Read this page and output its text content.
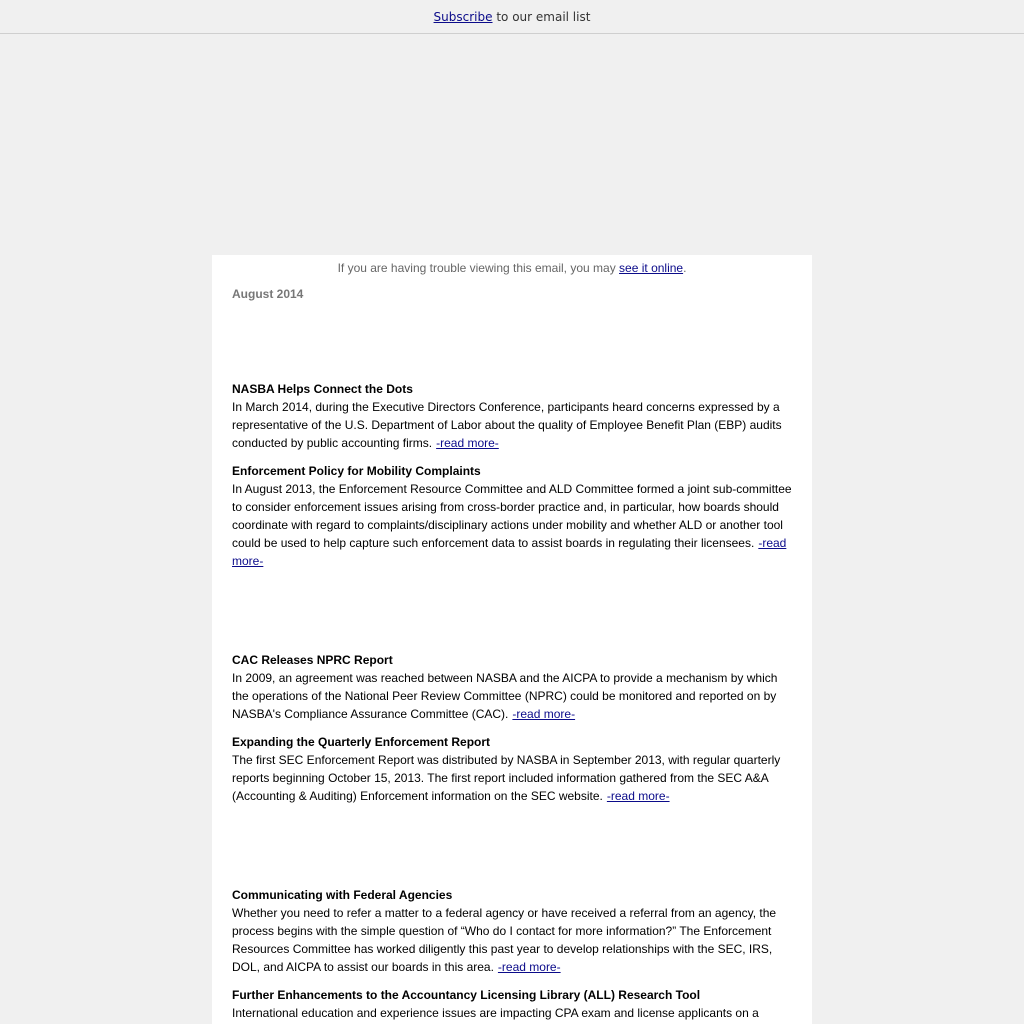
Subscribe to our email list
If you are having trouble viewing this email, you may see it online.
August 2014
NASBA Helps Connect the Dots

In March 2014, during the Executive Directors Conference, participants heard concerns expressed by a representative of the U.S. Department of Labor about the quality of Employee Benefit Plan (EBP) audits conducted by public accounting firms. -read more-

Enforcement Policy for Mobility Complaints

In August 2013, the Enforcement Resource Committee and ALD Committee formed a joint sub-committee to consider enforcement issues arising from cross-border practice and, in particular, how boards should coordinate with regard to complaints/disciplinary actions under mobility and whether ALD or another tool could be used to help capture such enforcement data to assist boards in regulating their licensees. -read more-

CAC Releases NPRC Report

In 2009, an agreement was reached between NASBA and the AICPA to provide a mechanism by which the operations of the National Peer Review Committee (NPRC) could be monitored and reported on by NASBA's Compliance Assurance Committee (CAC). -read more-

Expanding the Quarterly Enforcement Report

The first SEC Enforcement Report was distributed by NASBA in September 2013, with regular quarterly reports beginning October 15, 2013. The first report included information gathered from the SEC A&A (Accounting & Auditing) Enforcement information on the SEC website. -read more-

Communicating with Federal Agencies

Whether you need to refer a matter to a federal agency or have received a referral from an agency, the process begins with the simple question of “Who do I contact for more information?” The Enforcement Resources Committee has worked diligently this past year to develop relationships with the SEC, IRS, DOL, and AICPA to assist our boards in this area. -read more-

Further Enhancements to the Accountancy Licensing Library (ALL) Research Tool

International education and experience issues are impacting CPA exam and license applicants on a
